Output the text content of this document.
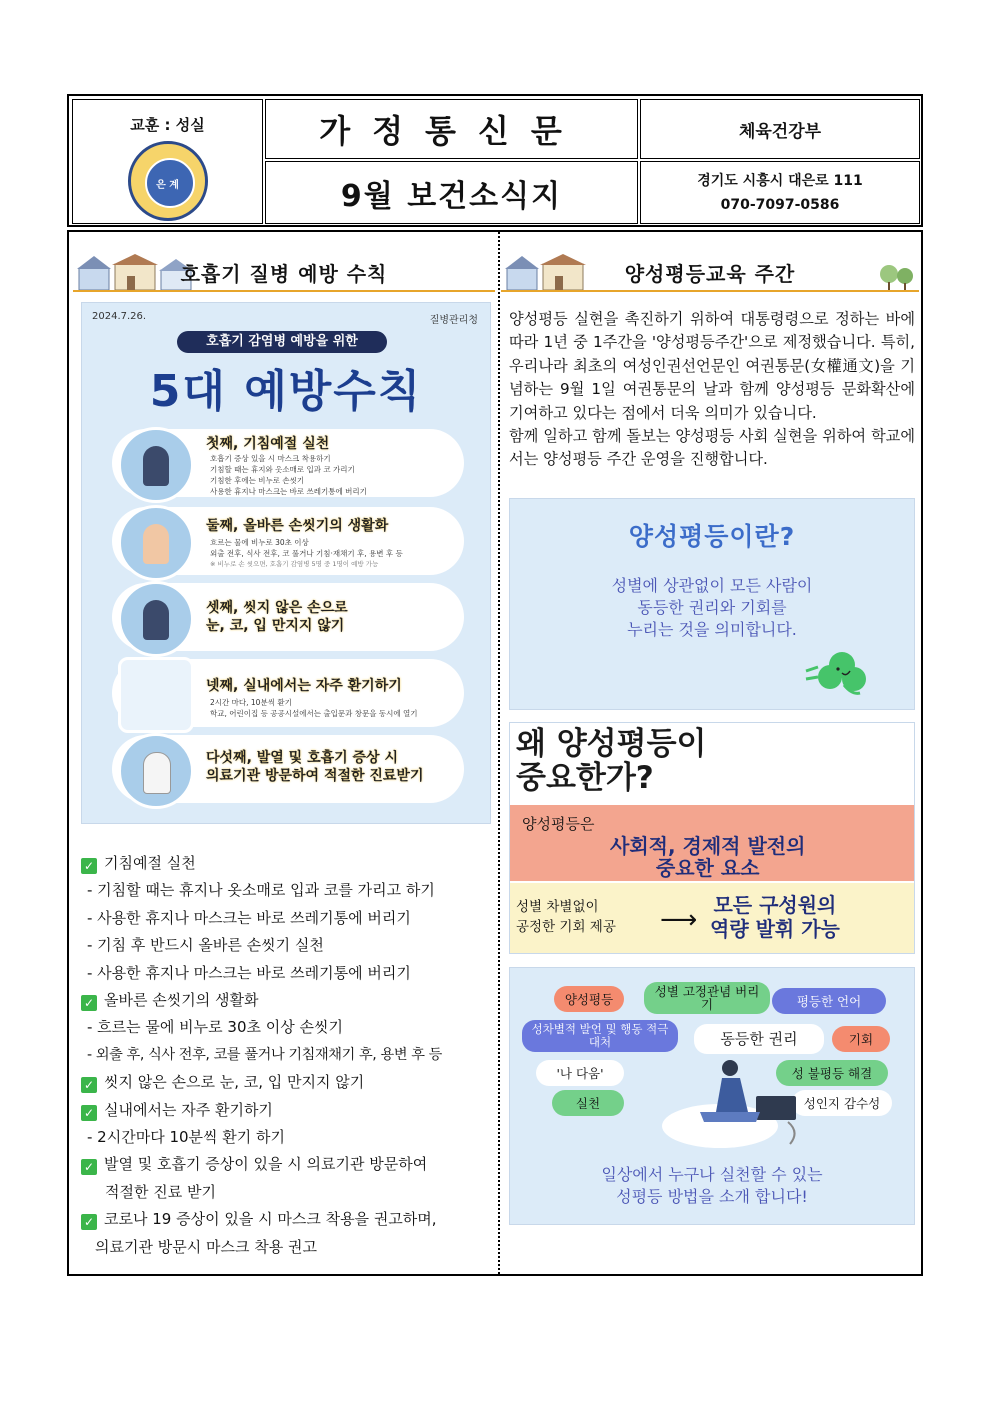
교훈 : 성실
은 계
가정통신문
9월 보건소식지
체육건강부
경기도 시흥시 대은로 111
070-7097-0586
호흡기 질병 예방 수칙	양성평등교육 주간
2024.7.26.	질병관리청
호흡기 감염병 예방을 위한
5대 예방수칙
첫째, 기침예절 실천
호흡기 증상 있을 시 마스크 착용하기
기침할 때는 휴지와 옷소매로 입과 코 가리기
기침한 후에는 비누로 손씻기
사용한 휴지나 마스크는 바로 쓰레기통에 버리기
둘째, 올바른 손씻기의 생활화
흐르는 물에 비누로 30초 이상
외출 전후, 식사 전후, 코 풀거나 기침·재채기 후, 용변 후 등
※ 비누로 손 씻으면, 호흡기 감염병 5명 중 1명이 예방 가능
셋째, 씻지 않은 손으로
눈, 코, 입 만지지 않기
넷째, 실내에서는 자주 환기하기
2시간 마다, 10분씩 환기
학교, 어린이집 등 공공시설에서는 출입문과 창문을 동시에 열기
다섯째, 발열 및 호흡기 증상 시
의료기관 방문하여 적절한 진료받기
✓ 기침예절 실천
- 기침할 때는 휴지나 옷소매로 입과 코를 가리고 하기
- 사용한 휴지나 마스크는 바로 쓰레기통에 버리기
- 기침 후 반드시 올바른 손씻기 실천
- 사용한 휴지나 마스크는 바로 쓰레기통에 버리기
✓ 올바른 손씻기의 생활화
- 흐르는 물에 비누로 30초 이상 손씻기
- 외출 후, 식사 전후, 코를 풀거나 기침재채기 후, 용변 후 등
✓ 씻지 않은 손으로 눈, 코, 입 만지지 않기
✓ 실내에서는 자주 환기하기
- 2시간마다 10분씩 환기 하기
✓ 발열 및 호흡기 증상이 있을 시 의료기관 방문하여
적절한 진료 받기
✓ 코로나 19 증상이 있을 시 마스크 착용을 권고하며,
의료기관 방문시 마스크 착용 권고
양성평등 실현을 촉진하기 위하여 대통령령으로 정하는 바에 따라 1년 중 1주간을 '양성평등주간'으로 제정했습니다. 특히, 우리나라 최초의 여성인권선언문인 여권통문(女權通文)을 기념하는 9월 1일 여권통문의 날과 함께 양성평등 문화확산에 기여하고 있다는 점에서 더욱 의미가 있습니다.
함께 일하고 함께 돌보는 양성평등 사회 실현을 위하여 학교에서는 양성평등 주간 운영을 진행합니다.
양성평등이란?
성별에 상관없이 모든 사람이
동등한 권리와 기회를
누리는 것을 의미합니다.
왜 양성평등이
중요한가?
양성평등은
사회적, 경제적 발전의
중요한 요소
성별 차별없이
공정한 기회 제공 ⟶ 모든 구성원의
역량 발휘 가능
양성평등	성별 고정관념 버리기	평등한 언어
성차별적 발언 및 행동 적극 대처	동등한 권리	기회
'나 다움'	성 불평등 해결
실천	성인지 감수성
일상에서 누구나 실천할 수 있는
성평등 방법을 소개 합니다!
